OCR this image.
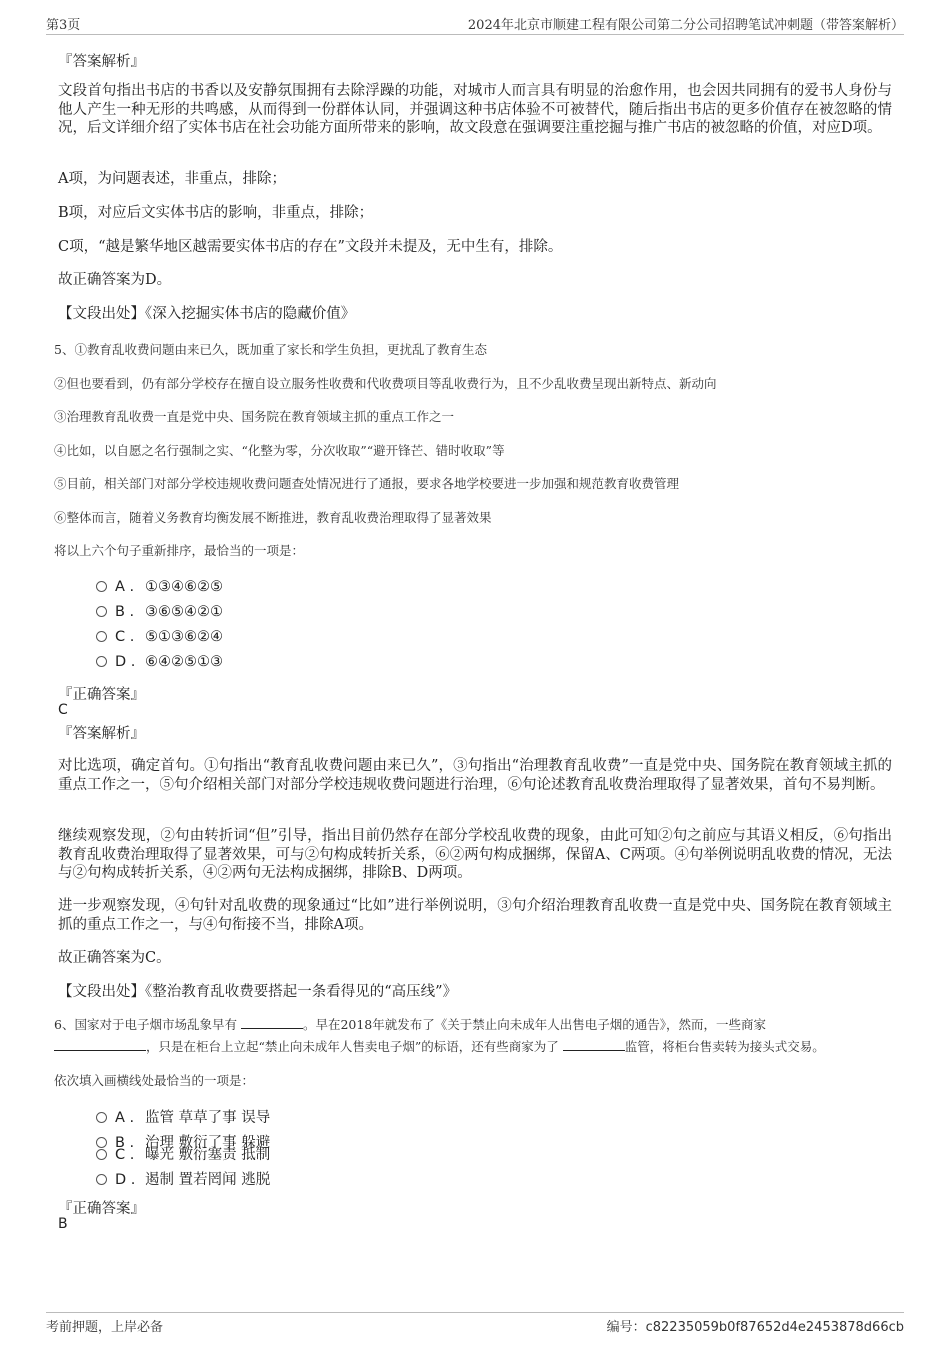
第3页	2024年北京市顺建工程有限公司第二分公司招聘笔试冲刺题（带答案解析）

『答案解析』

文段首句指出书店的书香以及安静氛围拥有去除浮躁的功能，对城市人而言具有明显的治愈作用，也会因共同拥有的爱书人身份与他人产生一种无形的共鸣感，从而得到一份群体认同，并强调这种书店体验不可被替代，随后指出书店的更多价值存在被忽略的情况，后文详细介绍了实体书店在社会功能方面所带来的影响，故文段意在强调要注重挖掘与推广书店的被忽略的价值，对应D项。

A项，为问题表述，非重点，排除；

B项，对应后文实体书店的影响，非重点，排除；

C项，“越是繁华地区越需要实体书店的存在”文段并未提及，无中生有，排除。

故正确答案为D。

【文段出处】《深入挖掘实体书店的隐藏价值》

5、①教育乱收费问题由来已久，既加重了家长和学生负担，更扰乱了教育生态

②但也要看到，仍有部分学校存在擅自设立服务性收费和代收费项目等乱收费行为，且不少乱收费呈现出新特点、新动向

③治理教育乱收费一直是党中央、国务院在教育领域主抓的重点工作之一

④比如，以自愿之名行强制之实、“化整为零，分次收取”“避开锋芒、错时收取”等

⑤目前，相关部门对部分学校违规收费问题查处情况进行了通报，要求各地学校要进一步加强和规范教育收费管理

⑥整体而言，随着义务教育均衡发展不断推进，教育乱收费治理取得了显著效果

将以上六个句子重新排序，最恰当的一项是：

A . ①③④⑥②⑤
B . ③⑥⑤④②①
C . ⑤①③⑥②④
D . ⑥④②⑤①③

『正确答案』

C

『答案解析』

对比选项，确定首句。①句指出“教育乱收费问题由来已久”，③句指出“治理教育乱收费”一直是党中央、国务院在教育领域主抓的重点工作之一，⑤句介绍相关部门对部分学校违规收费问题进行治理，⑥句论述教育乱收费治理取得了显著效果，首句不易判断。

继续观察发现，②句由转折词“但”引导，指出目前仍然存在部分学校乱收费的现象，由此可知②句之前应与其语义相反，⑥句指出教育乱收费治理取得了显著效果，可与②句构成转折关系，⑥②两句构成捆绑，保留A、C两项。④句举例说明乱收费的情况，无法与②句构成转折关系，④②两句无法构成捆绑，排除B、D两项。

进一步观察发现，④句针对乱收费的现象通过“比如”进行举例说明，③句介绍治理教育乱收费一直是党中央、国务院在教育领域主抓的重点工作之一，与④句衔接不当，排除A项。

故正确答案为C。

【文段出处】《整治教育乱收费要搭起一条看得见的“高压线”》

6、国家对于电子烟市场乱象早有	。早在2018年就发布了《关于禁止向未成年人出售电子烟的通告》，然而，一些商家
，只是在柜台上立起“禁止向未成年人售卖电子烟”的标语，还有些商家为了	监管，将柜台售卖转为接头式交易。

依次填入画横线处最恰当的一项是：

A . 监管 草草了事 误导
B . 治理 敷衍了事 躲避
C . 曝光 敷衍塞责 抵制
D . 遏制 置若罔闻 逃脱

『正确答案』

B

考前押题，上岸必备	编号：c82235059b0f87652d4e2453878d66cb
